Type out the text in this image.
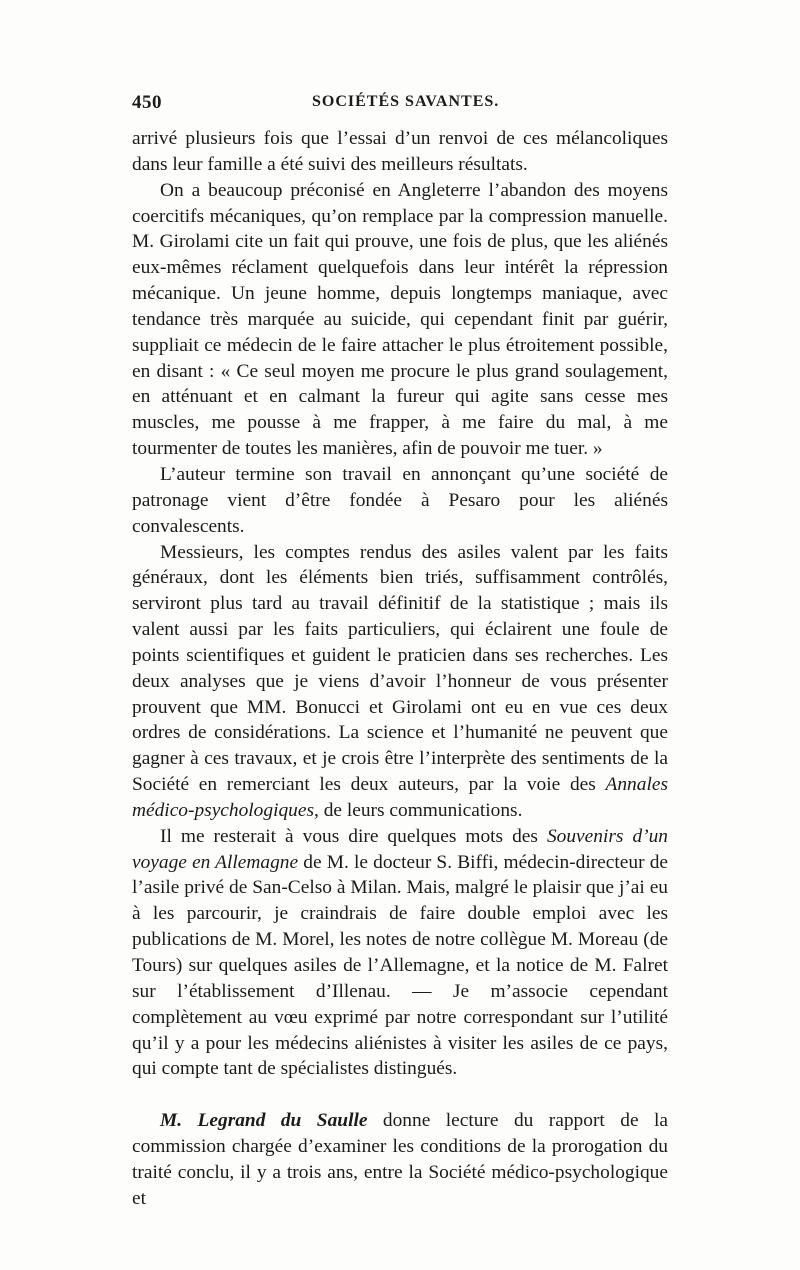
450	SOCIÉTÉS SAVANTES.

arrivé plusieurs fois que l’essai d’un renvoi de ces mélancoliques dans leur famille a été suivi des meilleurs résultats.

On a beaucoup préconisé en Angleterre l’abandon des moyens coercitifs mécaniques, qu’on remplace par la compression manuelle. M. Girolami cite un fait qui prouve, une fois de plus, que les aliénés eux-mêmes réclament quelquefois dans leur intérêt la répression mécanique. Un jeune homme, depuis longtemps maniaque, avec tendance très marquée au suicide, qui cependant finit par guérir, suppliait ce médecin de le faire attacher le plus étroitement possible, en disant : « Ce seul moyen me procure le plus grand soulagement, en atténuant et en calmant la fureur qui agite sans cesse mes muscles, me pousse à me frapper, à me faire du mal, à me tourmenter de toutes les manières, afin de pouvoir me tuer. »

L’auteur termine son travail en annonçant qu’une société de patronage vient d’être fondée à Pesaro pour les aliénés convalescents.

Messieurs, les comptes rendus des asiles valent par les faits généraux, dont les éléments bien triés, suffisamment contrôlés, serviront plus tard au travail définitif de la statistique ; mais ils valent aussi par les faits particuliers, qui éclairent une foule de points scientifiques et guident le praticien dans ses recherches. Les deux analyses que je viens d’avoir l’honneur de vous présenter prouvent que MM. Bonucci et Girolami ont eu en vue ces deux ordres de considérations. La science et l’humanité ne peuvent que gagner à ces travaux, et je crois être l’interprète des sentiments de la Société en remerciant les deux auteurs, par la voie des Annales médico-psychologiques, de leurs communications.

Il me resterait à vous dire quelques mots des Souvenirs d’un voyage en Allemagne de M. le docteur S. Biffi, médecin-directeur de l’asile privé de San-Celso à Milan. Mais, malgré le plaisir que j’ai eu à les parcourir, je craindrais de faire double emploi avec les publications de M. Morel, les notes de notre collègue M. Moreau (de Tours) sur quelques asiles de l’Allemagne, et la notice de M. Falret sur l’établissement d’Illenau. — Je m’associe cependant complètement au vœu exprimé par notre correspondant sur l’utilité qu’il y a pour les médecins aliénistes à visiter les asiles de ce pays, qui compte tant de spécialistes distingués.

M. Legrand du Saulle donne lecture du rapport de la commission chargée d’examiner les conditions de la prorogation du traité conclu, il y a trois ans, entre la Société médico-psychologique et
